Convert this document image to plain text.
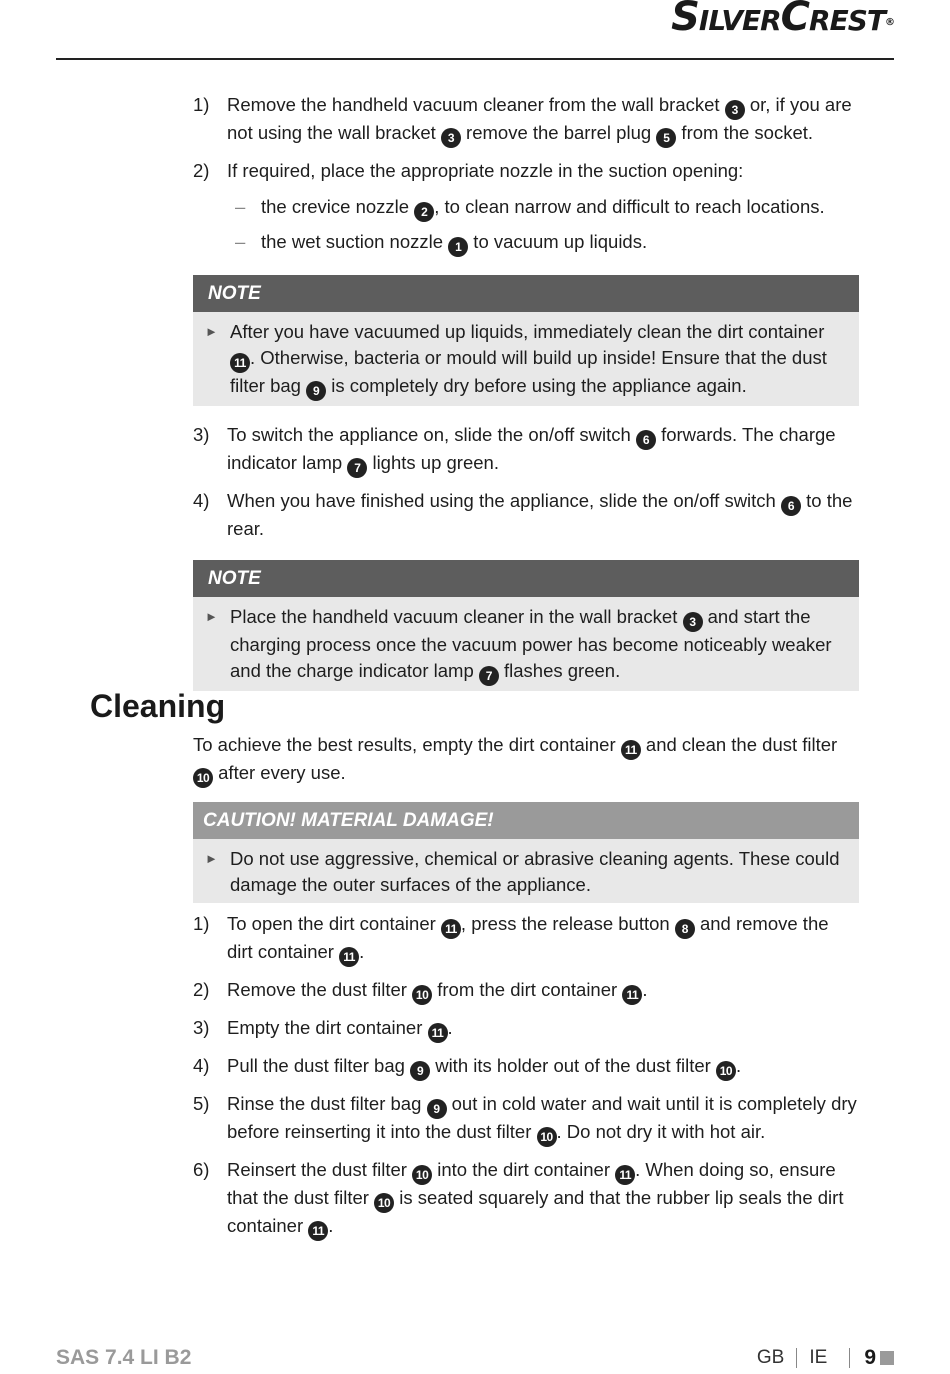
SilverCrest®
1) Remove the handheld vacuum cleaner from the wall bracket 3 or, if you are not using the wall bracket 3 remove the barrel plug 5 from the socket.
2) If required, place the appropriate nozzle in the suction opening:
– the crevice nozzle 2 , to clean narrow and difficult to reach locations.
– the wet suction nozzle 1 to vacuum up liquids.
NOTE
► After you have vacuumed up liquids, immediately clean the dirt container 11 . Otherwise, bacteria or mould will build up inside! Ensure that the dust filter bag 9 is completely dry before using the appliance again.
3) To switch the appliance on, slide the on/off switch 6 forwards. The charge indicator lamp 7 lights up green.
4) When you have finished using the appliance, slide the on/off switch 6 to the rear.
NOTE
► Place the handheld vacuum cleaner in the wall bracket 3 and start the charging process once the vacuum power has become noticeably weaker and the charge indicator lamp 7 flashes green.
Cleaning
To achieve the best results, empty the dirt container 11 and clean the dust filter 10 after every use.
CAUTION! MATERIAL DAMAGE!
► Do not use aggressive, chemical or abrasive cleaning agents. These could damage the outer surfaces of the appliance.
1) To open the dirt container 11 , press the release button 8 and remove the dirt container 11 .
2) Remove the dust filter 10 from the dirt container 11 .
3) Empty the dirt container 11 .
4) Pull the dust filter bag 9 with its holder out of the dust filter 10 .
5) Rinse the dust filter bag 9 out in cold water and wait until it is completely dry before reinserting it into the dust filter 10 . Do not dry it with hot air.
6) Reinsert the dust filter 10 into the dirt container 11 . When doing so, ensure that the dust filter 10 is seated squarely and that the rubber lip seals the dirt container 11 .
SAS 7.4 LI B2	GB IE 9
